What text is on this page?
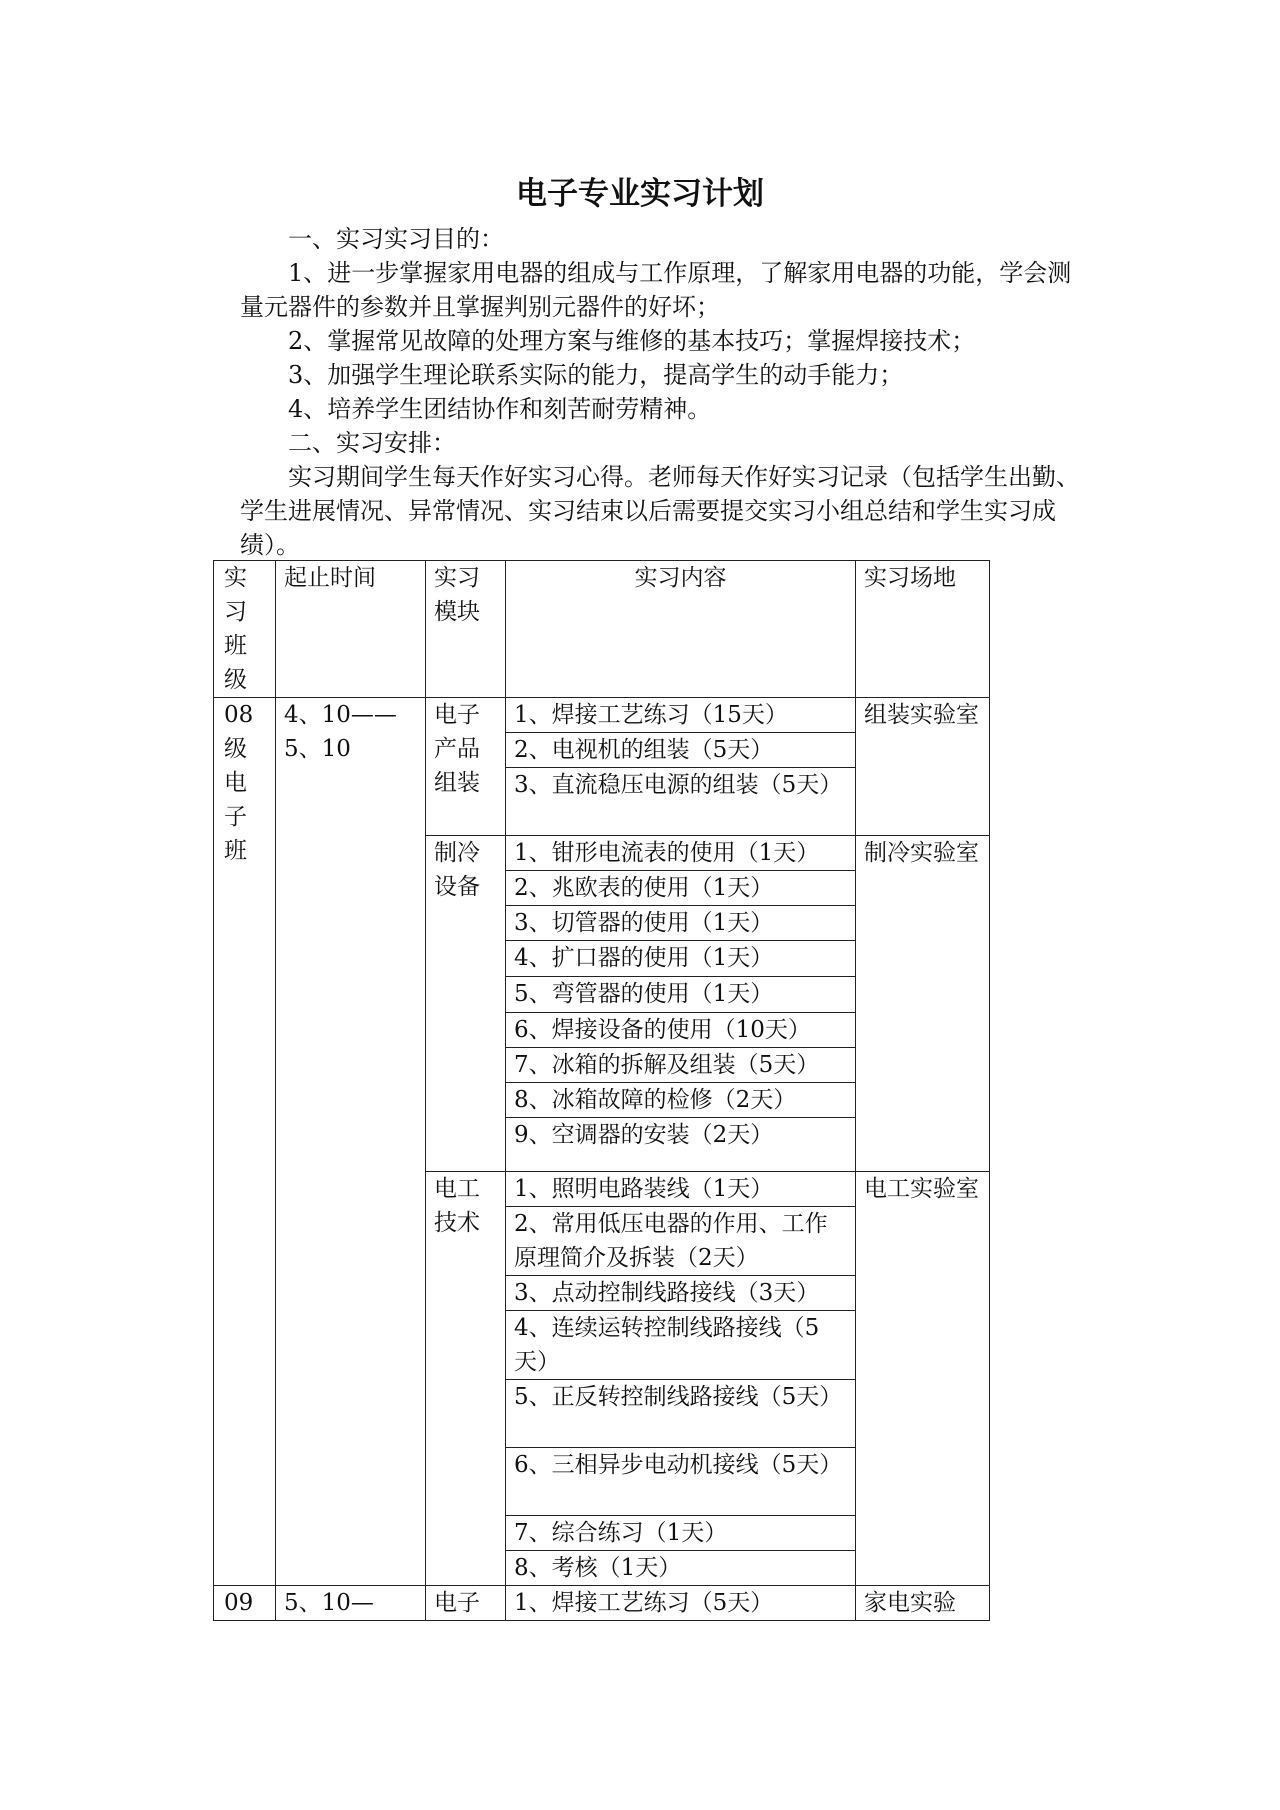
电子专业实习计划
一、实习实习目的：
1、进一步掌握家用电器的组成与工作原理，了解家用电器的功能，学会测量元器件的参数并且掌握判别元器件的好坏；
2、掌握常见故障的处理方案与维修的基本技巧；掌握焊接技术；
3、加强学生理论联系实际的能力，提高学生的动手能力；
4、培养学生团结协作和刻苦耐劳精神。
二、实习安排：
实习期间学生每天作好实习心得。老师每天作好实习记录（包括学生出勤、学生进展情况、异常情况、实习结束以后需要提交实习小组总结和学生实习成绩）。
实习班级	起止时间	实习模块	实习内容	实习场地
08级电子班	4、10——5、10	电子产品组装	1、焊接工艺练习（15天）	组装实验室
			2、电视机的组装（5天）	
			3、直流稳压电源的组装（5天）	
		制冷设备	1、钳形电流表的使用（1天）	制冷实验室
			2、兆欧表的使用（1天）	
			3、切管器的使用（1天）	
			4、扩口器的使用（1天）	
			5、弯管器的使用（1天）	
			6、焊接设备的使用（10天）	
			7、冰箱的拆解及组装（5天）	
			8、冰箱故障的检修（2天）	
			9、空调器的安装（2天）	
		电工技术	1、照明电路装线（1天）	电工实验室
			2、常用低压电器的作用、工作原理简介及拆装（2天）	
			3、点动控制线路接线（3天）	
			4、连续运转控制线路接线（5天）	
			5、正反转控制线路接线（5天）	
			6、三相异步电动机接线（5天）	
			7、综合练习（1天）	
			8、考核（1天）	
09	5、10—	电子	1、焊接工艺练习（5天）	家电实验
